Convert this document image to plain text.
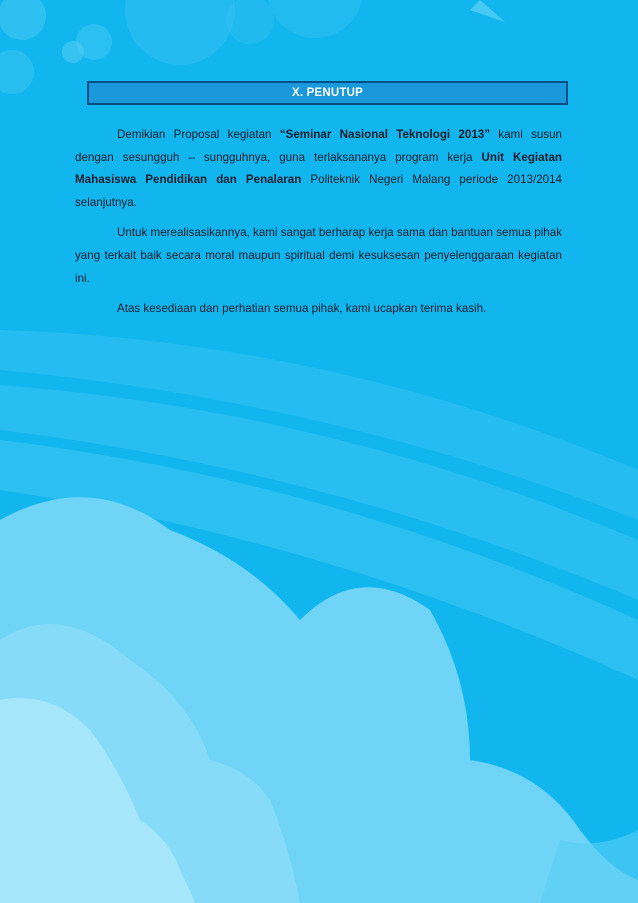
X. PENUTUP

Demikian Proposal kegiatan “Seminar Nasional Teknologi 2013” kami susun dengan sesungguh – sungguhnya, guna terlaksananya program kerja Unit Kegiatan Mahasiswa Pendidikan dan Penalaran Politeknik Negeri Malang periode 2013/2014 selanjutnya.

Untuk merealisasikannya, kami sangat berharap kerja sama dan bantuan semua pihak yang terkait baik secara moral maupun spiritual demi kesuksesan penyelenggaraan kegiatan ini.

Atas kesediaan dan perhatian semua pihak, kami ucapkan terima kasih.
